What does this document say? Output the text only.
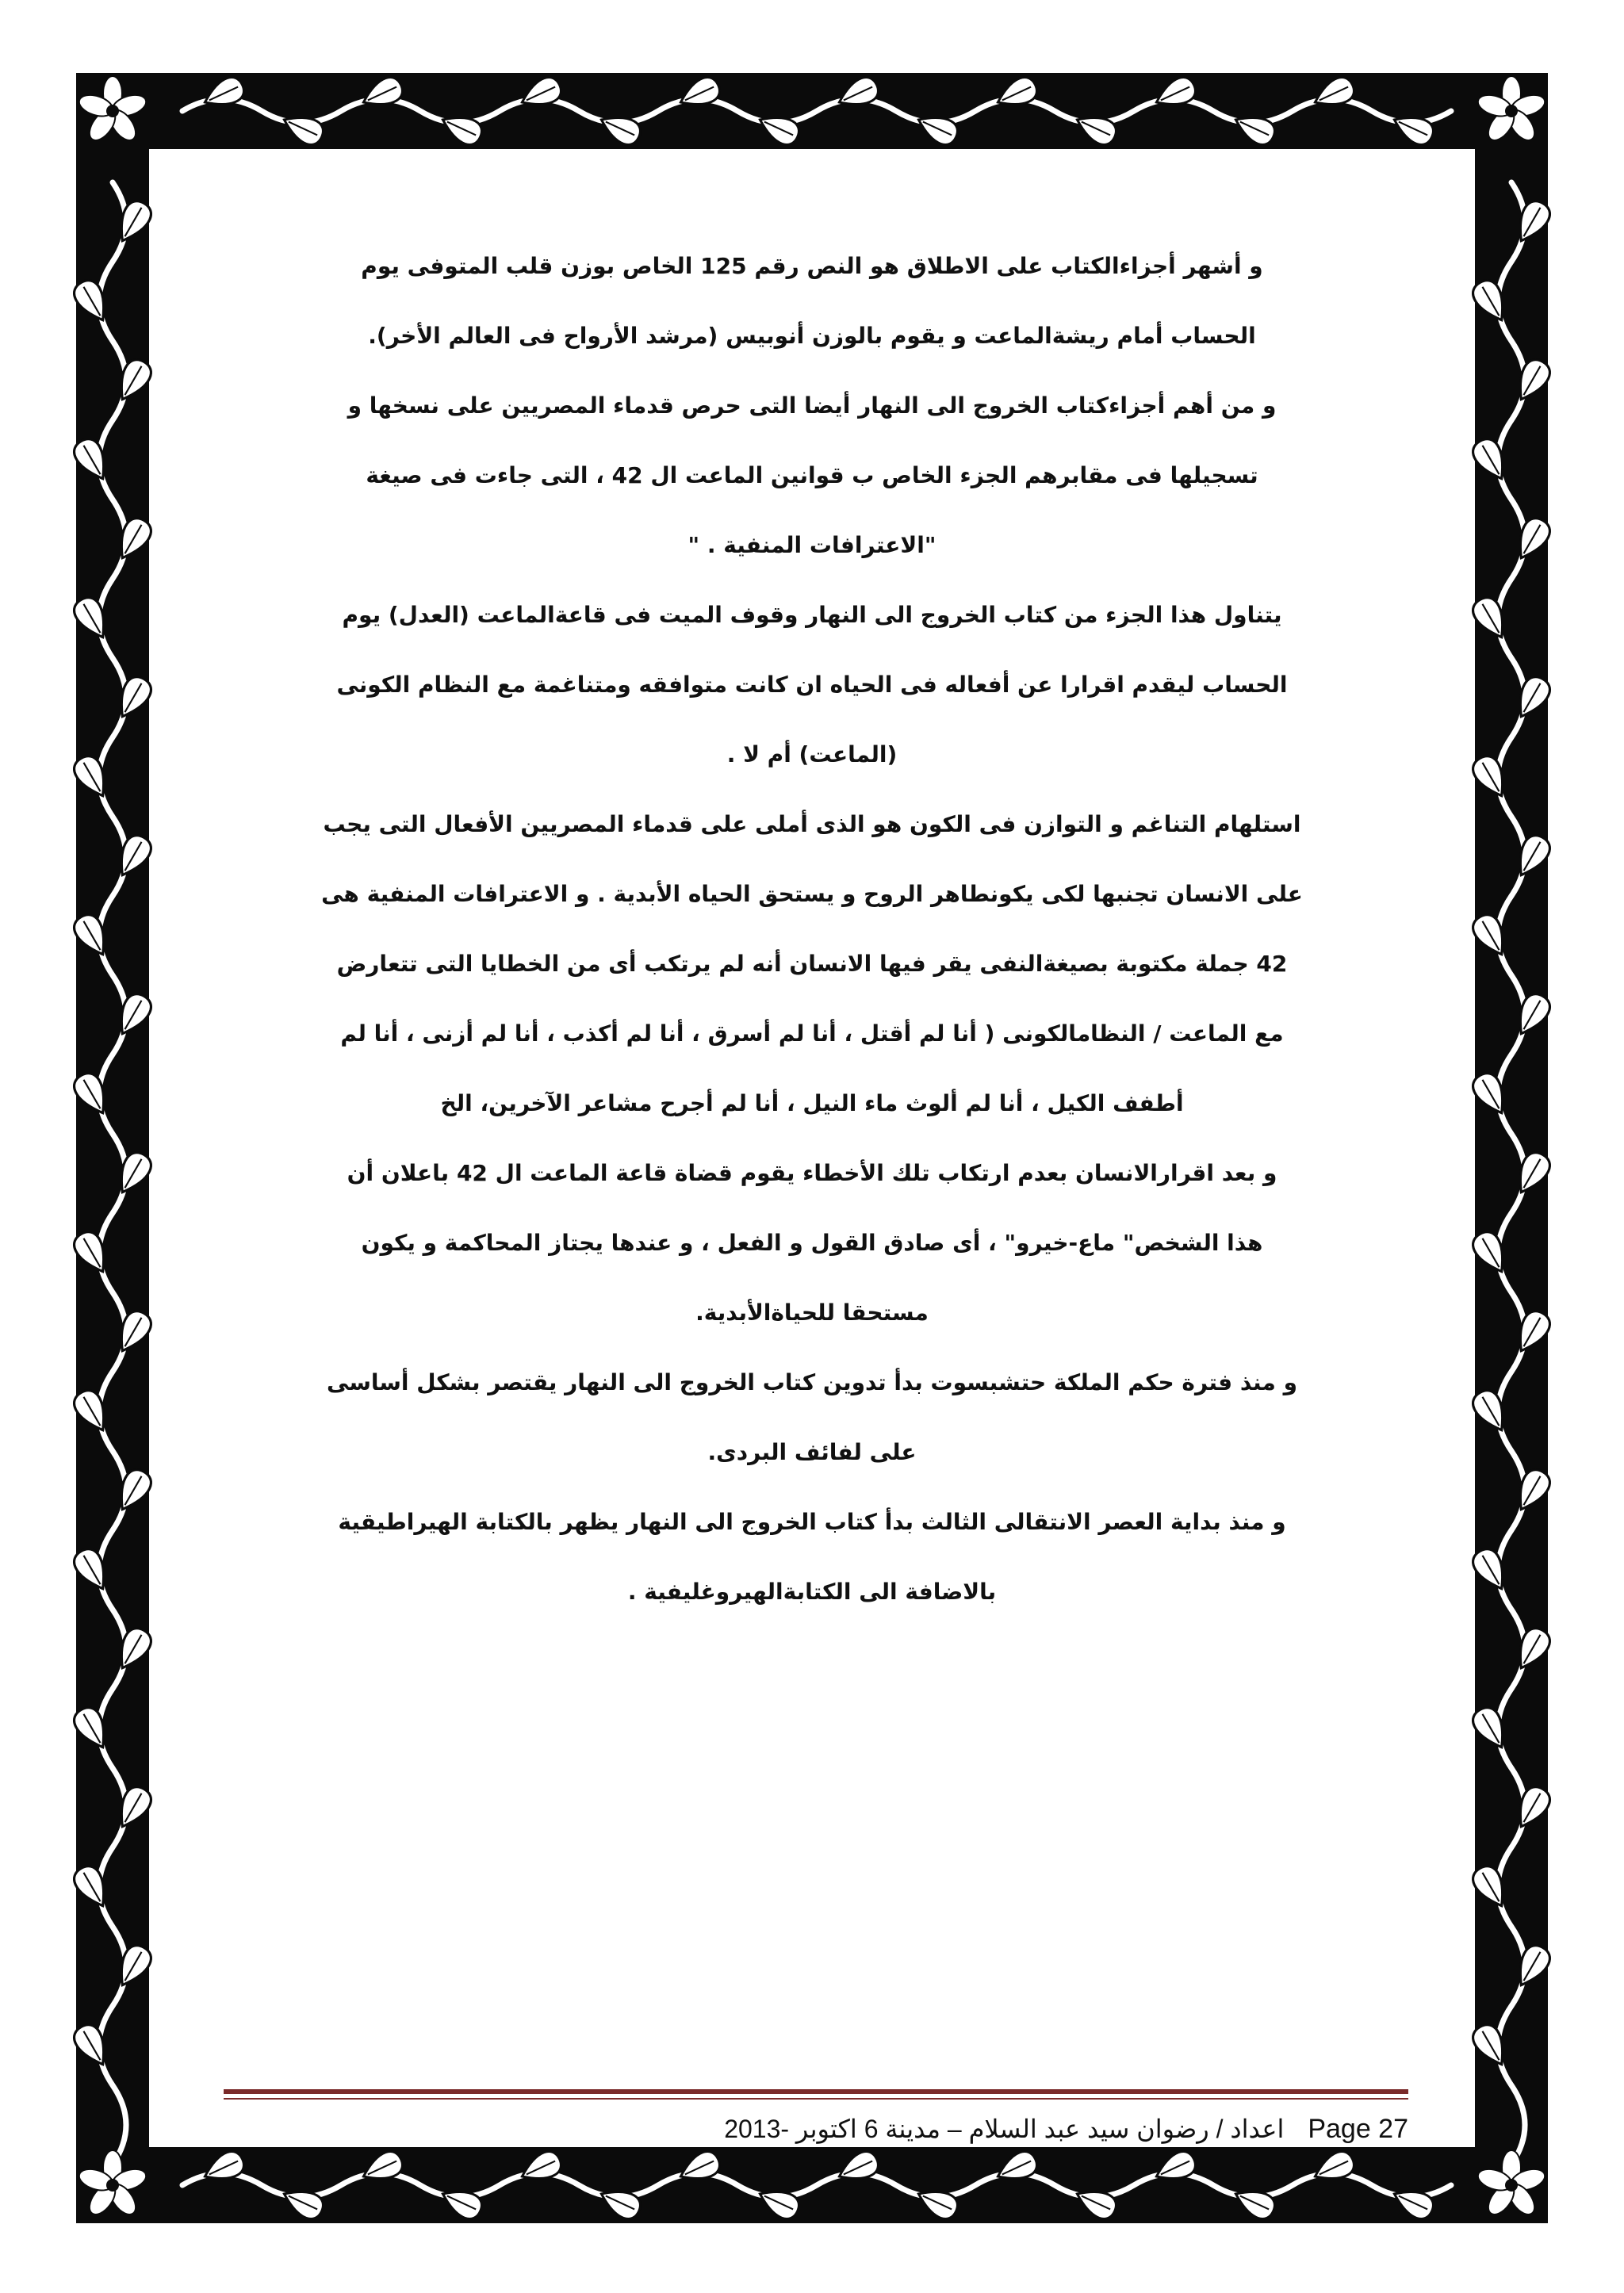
و أشهر أجزاءالكتاب على الاطلاق هو النص رقم 125 الخاص بوزن قلب المتوفى يوم
الحساب أمام ريشةالماعت و يقوم بالوزن أنوبيس (مرشد الأرواح فى العالم الأخر).
و من أهم أجزاءكتاب الخروج الى النهار أيضا التى حرص قدماء المصريين على نسخها و
تسجيلها فى مقابرهم الجزء الخاص ب قوانين الماعت ال 42 ، التى جاءت فى صيغة
"الاعترافات المنفية . "
يتناول هذا الجزء من كتاب الخروج الى النهار وقوف الميت فى قاعةالماعت (العدل) يوم
الحساب ليقدم اقرارا عن أفعاله فى الحياه ان كانت متوافقه ومتناغمة مع النظام الكونى
(الماعت) أم لا .
استلهام التناغم و التوازن فى الكون هو الذى أملى على قدماء المصريين الأفعال التى يجب
على الانسان تجنبها لكى يكونطاهر الروح و يستحق الحياه الأبدية . و الاعترافات المنفية هى
42 جملة مكتوبة بصيغةالنفى يقر فيها الانسان أنه لم يرتكب أى من الخطايا التى تتعارض
مع الماعت / النظامالكونى ( أنا لم أقتل ، أنا لم أسرق ، أنا لم أكذب ، أنا لم أزنى ، أنا لم
أطفف الكيل ، أنا لم ألوث ماء النيل ، أنا لم أجرح مشاعر الآخرين، الخ
و بعد اقرارالانسان بعدم ارتكاب تلك الأخطاء يقوم قضاة قاعة الماعت ال 42 باعلان أن
هذا الشخص" ماع-خيرو" ، أى صادق القول و الفعل ، و عندها يجتاز المحاكمة و يكون
مستحقا للحياةالأبدية.
و منذ فترة حكم الملكة حتشبسوت بدأ تدوين كتاب الخروج الى النهار يقتصر بشكل أساسى
على لفائف البردى.
و منذ بداية العصر الانتقالى الثالث بدأ كتاب الخروج الى النهار يظهر بالكتابة الهيراطيقية
بالاضافة الى الكتابةالهيروغليفية .
اعداد / رضوان سيد عبد السلام – مدينة 6 اكتوبر -2013 Page 27
